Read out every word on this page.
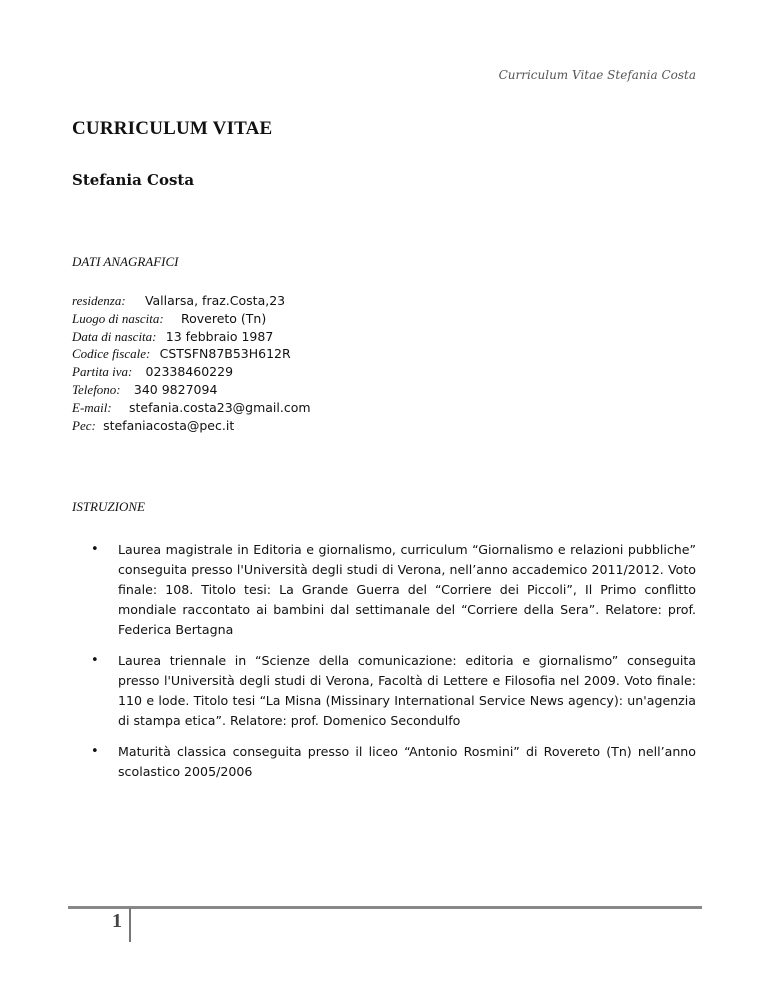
Curriculum Vitae Stefania Costa
CURRICULUM VITAE
Stefania Costa
DATI ANAGRAFICI
residenza: Vallarsa, fraz.Costa,23
Luogo di nascita: Rovereto (Tn)
Data di nascita: 13 febbraio 1987
Codice fiscale: CSTSFN87B53H612R
Partita iva: 02338460229
Telefono: 340 9827094
E-mail: stefania.costa23@gmail.com
Pec: stefaniacosta@pec.it
ISTRUZIONE
• Laurea magistrale in Editoria e giornalismo, curriculum “Giornalismo e relazioni pubbliche” conseguita presso l'Università degli studi di Verona, nell’anno accademico 2011/2012. Voto finale: 108. Titolo tesi: La Grande Guerra del “Corriere dei Piccoli”, Il Primo conflitto mondiale raccontato ai bambini dal settimanale del “Corriere della Sera”. Relatore: prof. Federica Bertagna
• Laurea triennale in “Scienze della comunicazione: editoria e giornalismo” conseguita presso l'Università degli studi di Verona, Facoltà di Lettere e Filosofia nel 2009. Voto finale: 110 e lode. Titolo tesi “La Misna (Missinary International Service News agency): un'agenzia di stampa etica”. Relatore: prof. Domenico Secondulfo
• Maturità classica conseguita presso il liceo “Antonio Rosmini” di Rovereto (Tn) nell’anno scolastico 2005/2006
1
